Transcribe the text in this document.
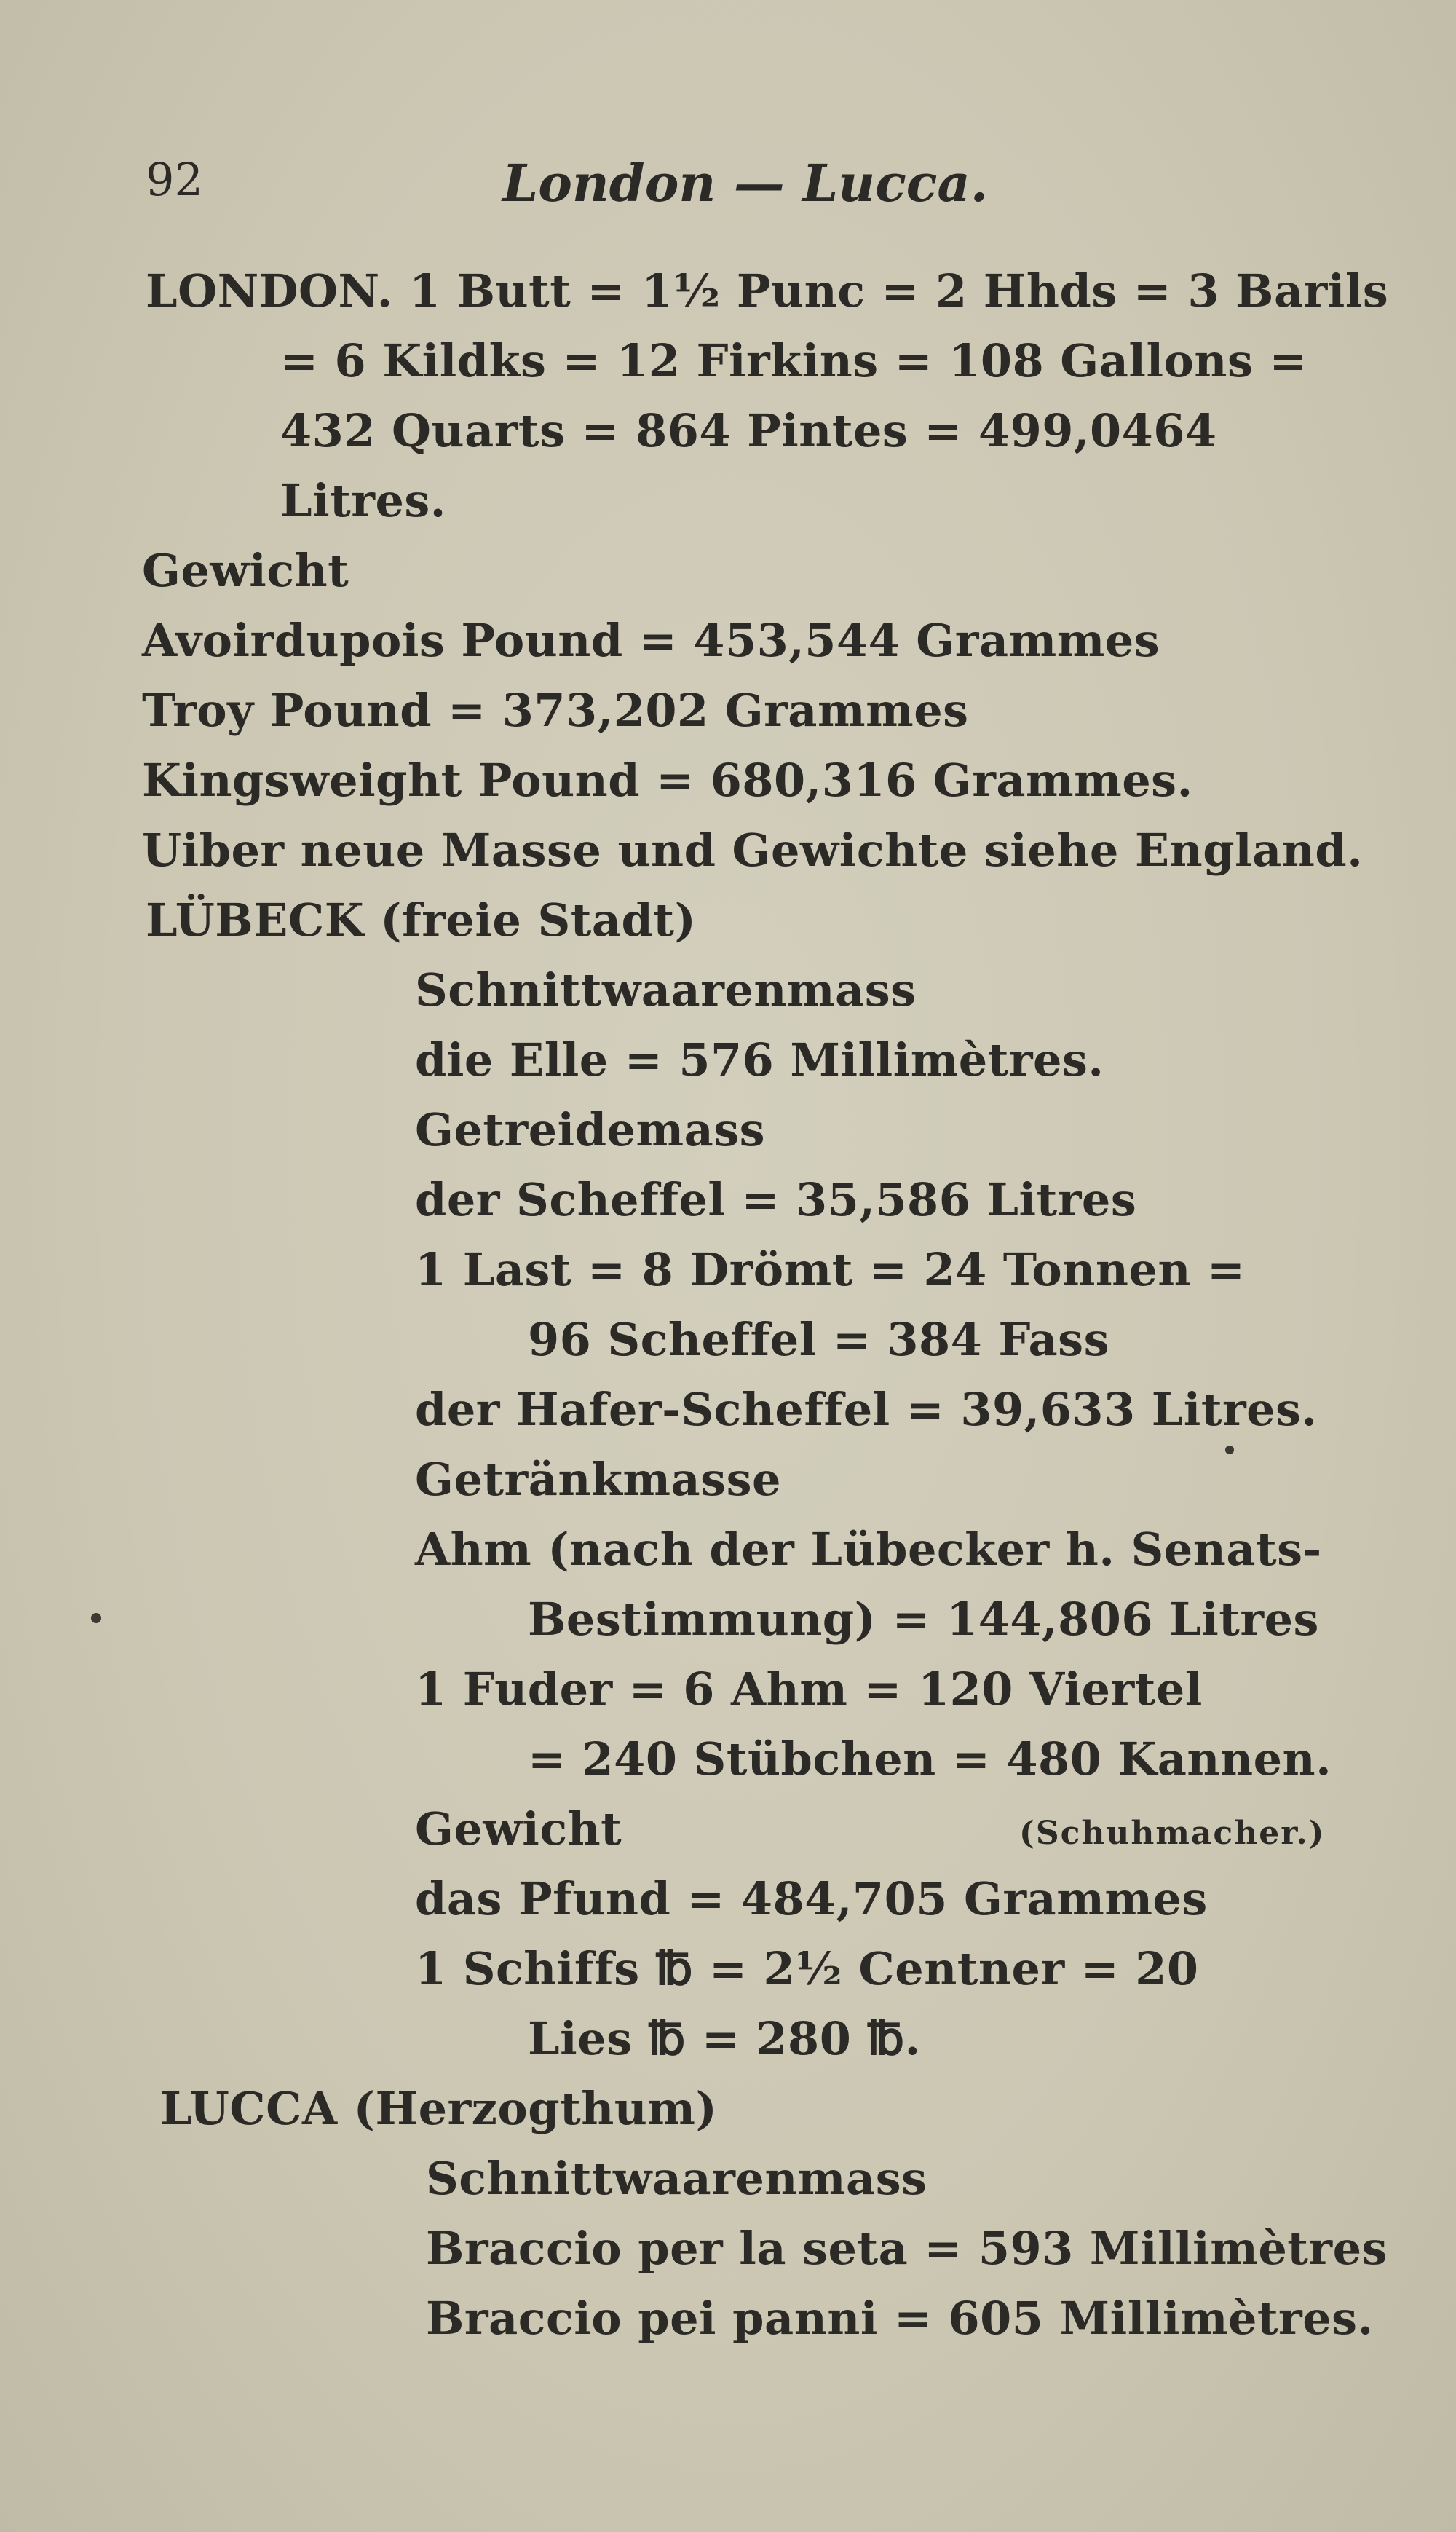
92	London — Lucca.
LONDON. 1 Butt = 1½ Punc = 2 Hhds = 3 Barils
= 6 Kildks = 12 Firkins = 108 Gallons =
432 Quarts = 864 Pintes = 499,0464
Litres.
Gewicht
Avoirdupois Pound = 453,544 Grammes
Troy Pound = 373,202 Grammes
Kingsweight Pound = 680,316 Grammes.
Uiber neue Masse und Gewichte siehe England.
LÜBECK (freie Stadt)
Schnittwaarenmass
die Elle = 576 Millimètres.
Getreidemass
der Scheffel = 35,586 Litres
1 Last = 8 Drömt = 24 Tonnen =
96 Scheffel = 384 Fass
der Hafer-Scheffel = 39,633 Litres.
Getränkmasse
Ahm (nach der Lübecker h. Senats-
Bestimmung) = 144,806 Litres
1 Fuder = 6 Ahm = 120 Viertel
= 240 Stübchen = 480 Kannen.
Gewicht	(Schuhmacher.)
das Pfund = 484,705 Grammes
1 Schiffs ℔ = 2½ Centner = 20
Lies ℔ = 280 ℔.
LUCCA (Herzogthum)
Schnittwaarenmass
Braccio per la seta = 593 Millimètres
Braccio pei panni = 605 Millimètres.
